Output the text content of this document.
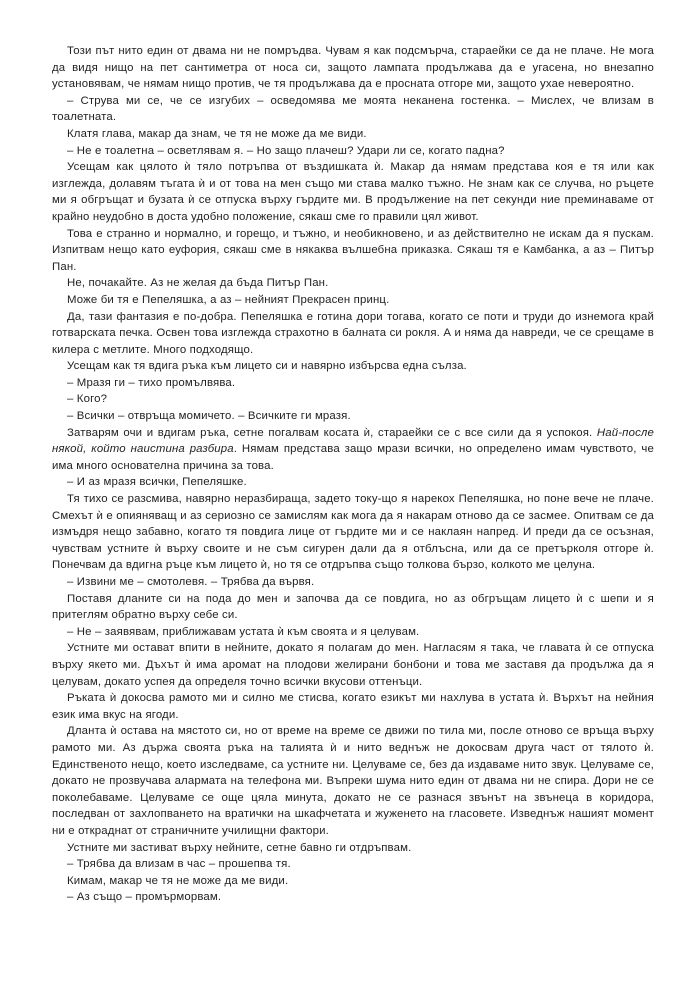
Този път нито един от двама ни не помръдва. Чувам я как подсмърча, стараейки се да не плаче. Не мога да видя нищо на пет сантиметра от носа си, защото лампата продължава да е угасена, но внезапно установявам, че нямам нищо против, че тя продължава да е просната отгоре ми, защото ухае невероятно.

– Струва ми се, че се изгубих – осведомява ме моята неканена гостенка. – Мислех, че влизам в тоалетната.

Клатя глава, макар да знам, че тя не може да ме види.

– Не е тоалетна – осветлявам я. – Но защо плачеш? Удари ли се, когато падна?

Усещам как цялото ѝ тяло потръпва от въздишката ѝ. Макар да нямам представа коя е тя или как изглежда, долавям тъгата ѝ и от това на мен също ми става малко тъжно. Не знам как се случва, но ръцете ми я обгръщат и бузата ѝ се отпуска върху гърдите ми. В продължение на пет секунди ние преминаваме от крайно неудобно в доста удобно положение, сякаш сме го правили цял живот.

Това е странно и нормално, и горещо, и тъжно, и необикновено, и аз действително не искам да я пускам. Изпитвам нещо като еуфория, сякаш сме в някаква вълшебна приказка. Сякаш тя е Камбанка, а аз – Питър Пан.

Не, почакайте. Аз не желая да бъда Питър Пан.

Може би тя е Пепеляшка, а аз – нейният Прекрасен принц.

Да, тази фантазия е по-добра. Пепеляшка е готина дори тогава, когато се поти и труди до изнемога край готварската печка. Освен това изглежда страхотно в балната си рокля. А и няма да навреди, че се срещаме в килера с метлите. Много подходящо.

Усещам как тя вдига ръка към лицето си и навярно избърсва една сълза.

– Мразя ги – тихо промълвява.

– Кого?

– Всички – отвръща момичето. – Всичките ги мразя.

Затварям очи и вдигам ръка, сетне погалвам косата ѝ, стараейки се с все сили да я успокоя. Най-после някой, който наистина разбира. Нямам представа защо мрази всички, но определено имам чувството, че има много основателна причина за това.

– И аз мразя всички, Пепеляшке.

Тя тихо се разсмива, навярно неразбираща, задето току-що я нарекох Пепеляшка, но поне вече не плаче. Смехът ѝ е опияняващ и аз сериозно се замислям как мога да я накарам отново да се засмее. Опитвам се да измъдря нещо забавно, когато тя повдига лице от гърдите ми и се наклаян напред. И преди да се осъзная, чувствам устните ѝ върху своите и не съм сигурен дали да я отблъсна, или да се претърколя отгоре ѝ. Понечвам да вдигна ръце към лицето ѝ, но тя се отдръпва също толкова бързо, колкото ме целуна.

– Извини ме – смотолевя. – Трябва да вървя.

Поставя дланите си на пода до мен и започва да се повдига, но аз обгръщам лицето ѝ с шепи и я притеглям обратно върху себе си.

– Не – заявявам, приближавам устата ѝ към своята и я целувам.

Устните ми остават впити в нейните, докато я полагам до мен. Нагласям я така, че главата ѝ се отпуска върху якето ми. Дъхът ѝ има аромат на плодови желирани бонбони и това ме заставя да продължа да я целувам, докато успея да определя точно всички вкусови оттенъци.

Ръката ѝ докосва рамото ми и силно ме стисва, когато езикът ми нахлува в устата ѝ. Върхът на нейния език има вкус на ягоди.

Дланта ѝ остава на мястото си, но от време на време се движи по тила ми, после отново се връща върху рамото ми. Аз държа своята ръка на талията ѝ и нито веднъж не докосвам друга част от тялото ѝ. Единственото нещо, което изследваме, са устните ни. Целуваме се, без да издаваме нито звук. Целуваме се, докато не прозвучава алармата на телефона ми. Въпреки шума нито един от двама ни не спира. Дори не се поколебаваме. Целуваме се още цяла минута, докато не се разнася звънът на звънеца в коридора, последван от захлопването на вратички на шкафчетата и жуженето на гласовете. Изведнъж нашият момент ни е откраднат от страничните училищни фактори.

Устните ми застиват върху нейните, сетне бавно ги отдръпвам.

– Трябва да влизам в час – прошепва тя.

Кимам, макар че тя не може да ме види.

– Аз също – промърморвам.
